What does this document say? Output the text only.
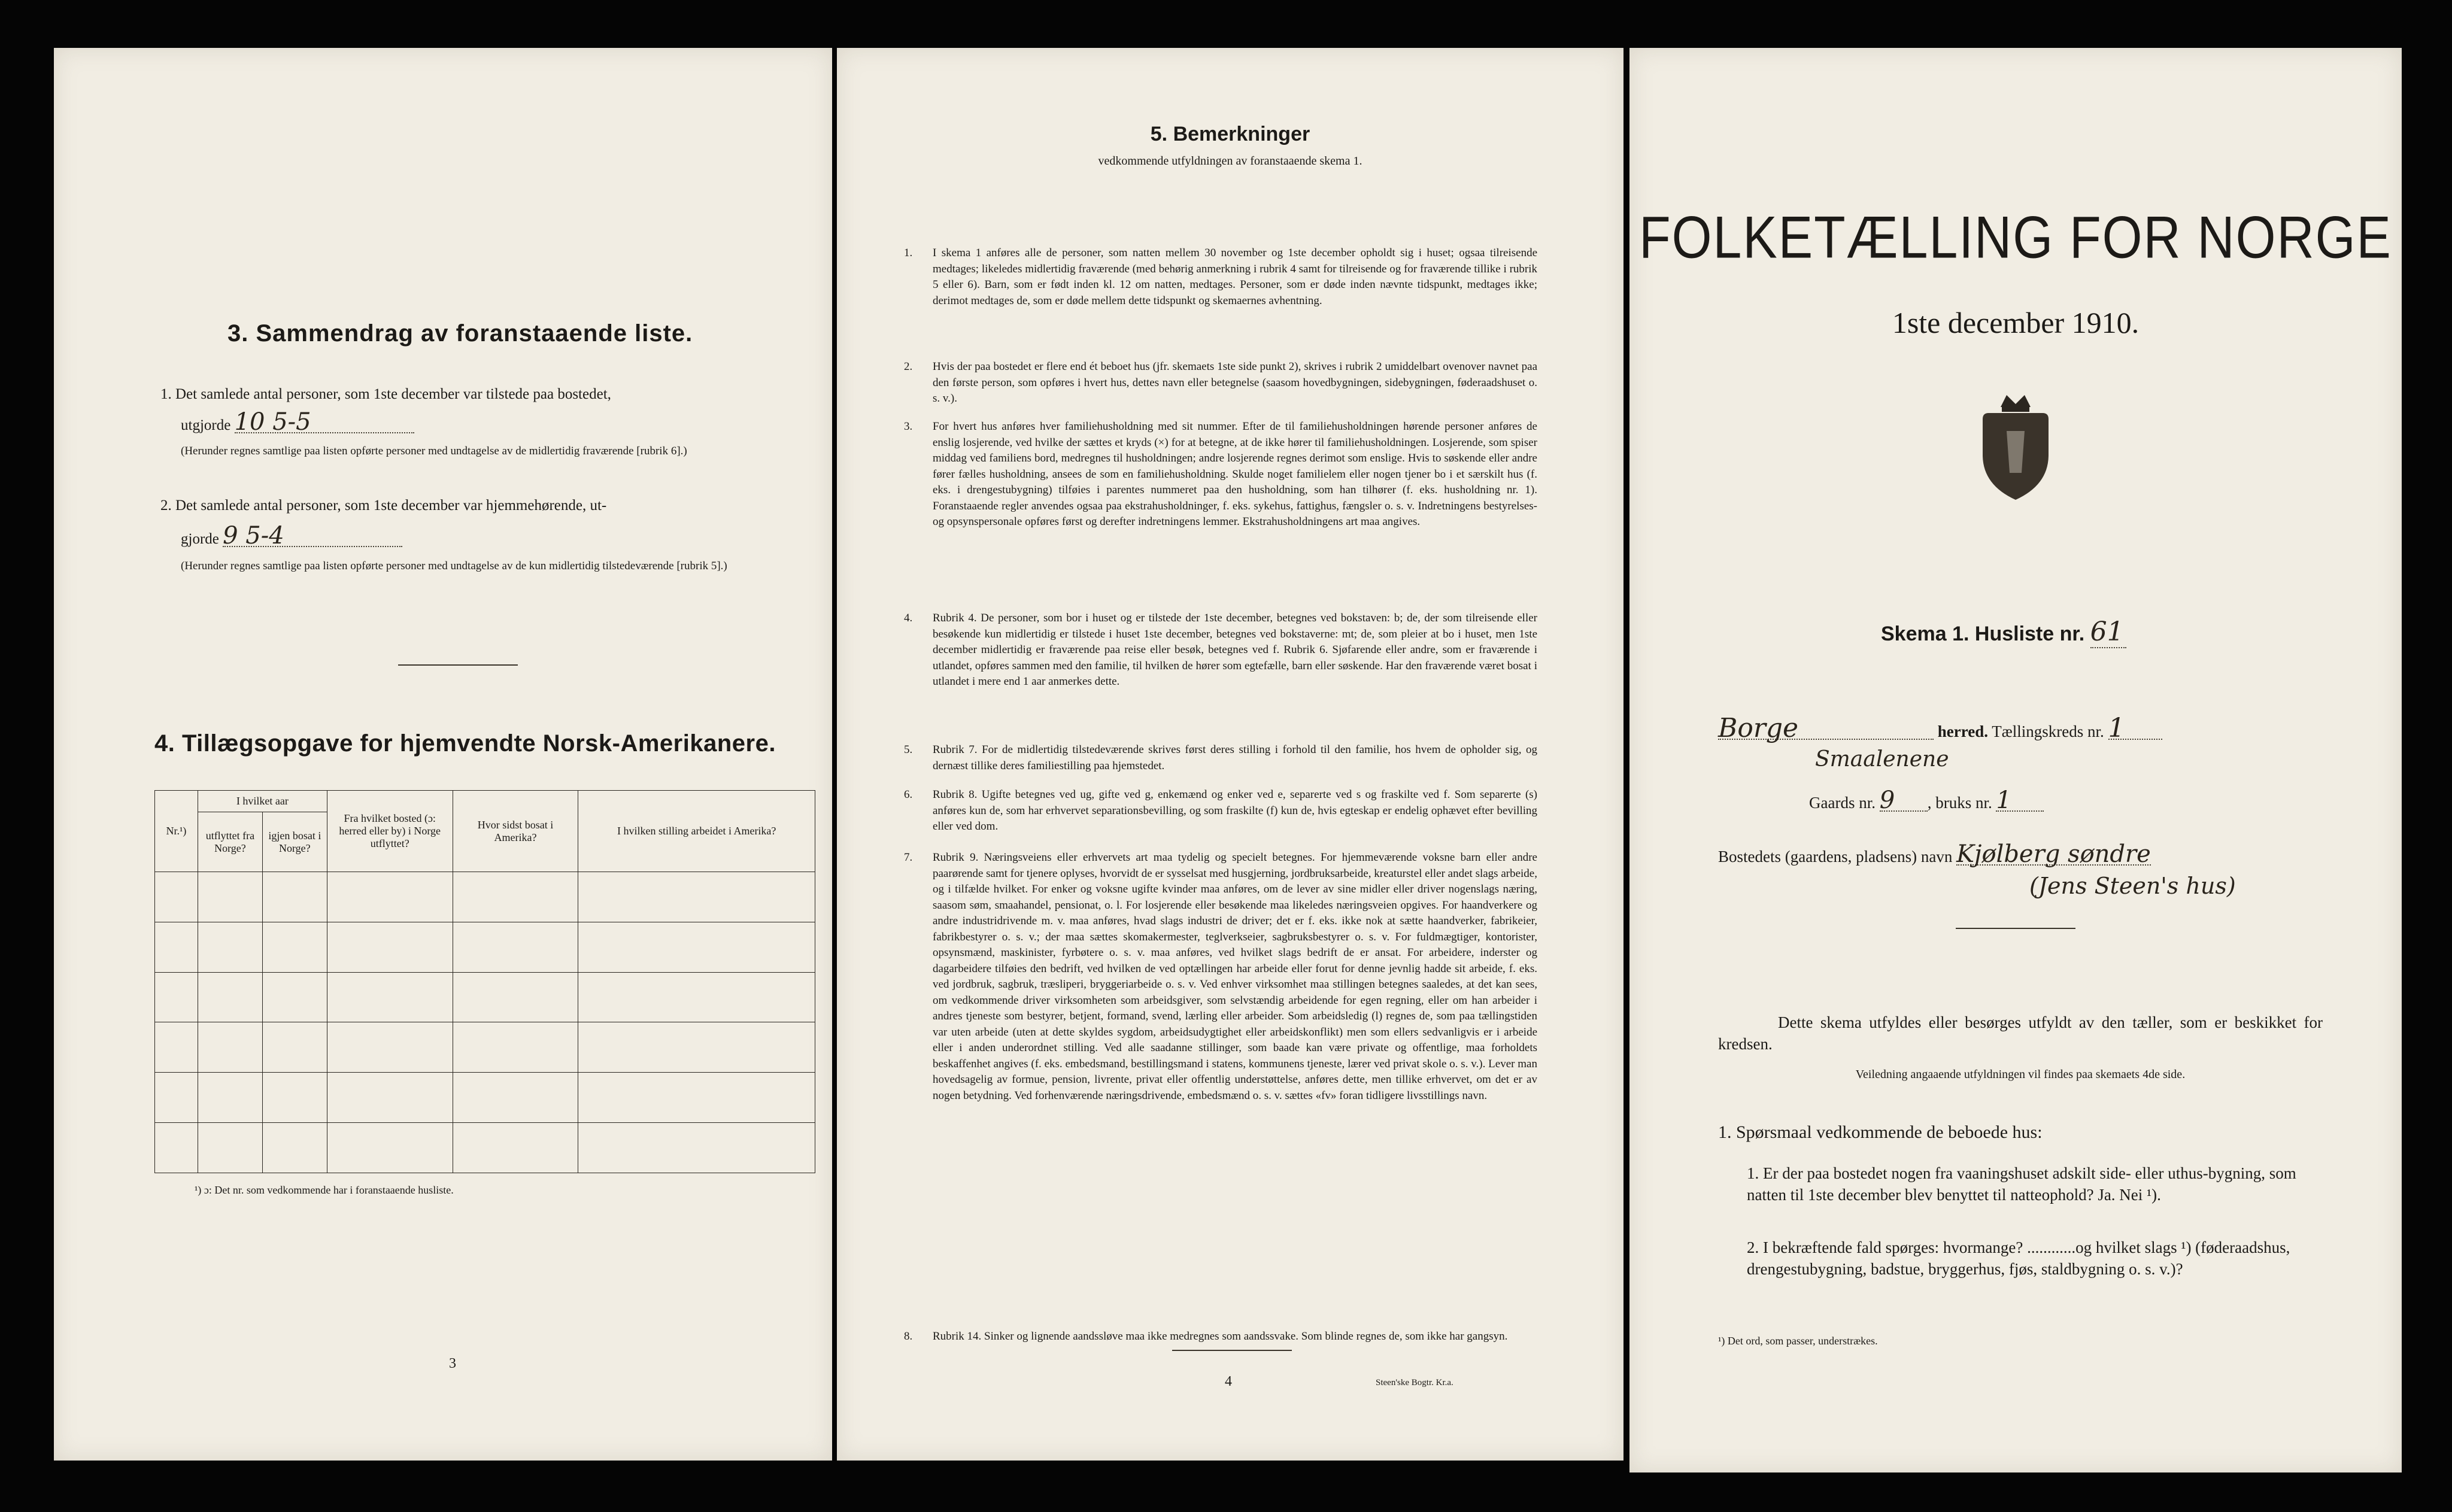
3. Sammendrag av foranstaaende liste.
1. Det samlede antal personer, som 1ste december var tilstede paa bostedet,
utgjorde 10 5-5
(Herunder regnes samtlige paa listen opførte personer med undtagelse av de midlertidig fraværende [rubrik 6].)
2. Det samlede antal personer, som 1ste december var hjemmehørende, ut-
gjorde 9 5-4
(Herunder regnes samtlige paa listen opførte personer med undtagelse av de kun midlertidig tilstedeværende [rubrik 5].)
4. Tillægsopgave for hjemvendte Norsk-Amerikanere.
Nr.¹)	I hvilket aar		Fra hvilket bosted (ɔ: herred eller by) i Norge utflyttet?	Hvor sidst bosat i Amerika?	I hvilken stilling arbeidet i Amerika?
	utflyttet fra Norge?	igjen bosat i Norge?			

¹) ɔ: Det nr. som vedkommende har i foranstaaende husliste.
3
5. Bemerkninger
vedkommende utfyldningen av foranstaaende skema 1.
1. I skema 1 anføres alle de personer, som natten mellem 30 november og 1ste december opholdt sig i huset; ogsaa tilreisende medtages; likeledes midlertidig fraværende (med behørig anmerkning i rubrik 4 samt for tilreisende og for fraværende tillike i rubrik 5 eller 6). Barn, som er født inden kl. 12 om natten, medtages. Personer, som er døde inden nævnte tidspunkt, medtages ikke; derimot medtages de, som er døde mellem dette tidspunkt og skemaernes avhentning.
2. Hvis der paa bostedet er flere end ét beboet hus (jfr. skemaets 1ste side punkt 2), skrives i rubrik 2 umiddelbart ovenover navnet paa den første person, som opføres i hvert hus, dettes navn eller betegnelse (saasom hovedbygningen, sidebygningen, føderaadshuset o. s. v.).
3. For hvert hus anføres hver familiehusholdning med sit nummer. Efter de til familiehusholdningen hørende personer anføres de enslig losjerende, ved hvilke der sættes et kryds (×) for at betegne, at de ikke hører til familiehusholdningen. Losjerende, som spiser middag ved familiens bord, medregnes til husholdningen; andre losjerende regnes derimot som enslige. Hvis to søskende eller andre fører fælles husholdning, ansees de som en familiehusholdning. Skulde noget familielem eller nogen tjener bo i et særskilt hus (f. eks. i drengestubygning) tilføies i parentes nummeret paa den husholdning, som han tilhører (f. eks. husholdning nr. 1). Foranstaaende regler anvendes ogsaa paa ekstrahusholdninger, f. eks. sykehus, fattighus, fængsler o. s. v. Indretningens bestyrelses- og opsynspersonale opføres først og derefter indretningens lemmer. Ekstrahusholdningens art maa angives.
4. Rubrik 4. De personer, som bor i huset og er tilstede der 1ste december, betegnes ved bokstaven: b; de, der som tilreisende eller besøkende kun midlertidig er tilstede i huset 1ste december, betegnes ved bokstaverne: mt; de, som pleier at bo i huset, men 1ste december midlertidig er fraværende paa reise eller besøk, betegnes ved f. Rubrik 6. Sjøfarende eller andre, som er fraværende i utlandet, opføres sammen med den familie, til hvilken de hører som egtefælle, barn eller søskende. Har den fraværende været bosat i utlandet i mere end 1 aar anmerkes dette.
5. Rubrik 7. For de midlertidig tilstedeværende skrives først deres stilling i forhold til den familie, hos hvem de opholder sig, og dernæst tillike deres familiestilling paa hjemstedet.
6. Rubrik 8. Ugifte betegnes ved ug, gifte ved g, enkemænd og enker ved e, separerte ved s og fraskilte ved f. Som separerte (s) anføres kun de, som har erhvervet separationsbevilling, og som fraskilte (f) kun de, hvis egteskap er endelig ophævet efter bevilling eller ved dom.
7. Rubrik 9. Næringsveiens eller erhvervets art maa tydelig og specielt betegnes. For hjemmeværende voksne barn eller andre paarørende samt for tjenere oplyses, hvorvidt de er sysselsat med husgjerning, jordbruksarbeide, kreaturstel eller andet slags arbeide, og i tilfælde hvilket. For enker og voksne ugifte kvinder maa anføres, om de lever av sine midler eller driver nogenslags næring, saasom søm, smaahandel, pensionat, o. l. For losjerende eller besøkende maa likeledes næringsveien opgives. For haandverkere og andre industridrivende m. v. maa anføres, hvad slags industri de driver; det er f. eks. ikke nok at sætte haandverker, fabrikeier, fabrikbestyrer o. s. v.; der maa sættes skomakermester, teglverkseier, sagbruksbestyrer o. s. v. For fuldmægtiger, kontorister, opsynsmænd, maskinister, fyrbøtere o. s. v. maa anføres, ved hvilket slags bedrift de er ansat. For arbeidere, inderster og dagarbeidere tilføies den bedrift, ved hvilken de ved optællingen har arbeide eller forut for denne jevnlig hadde sit arbeide, f. eks. ved jordbruk, sagbruk, træsliperi, bryggeriarbeide o. s. v. Ved enhver virksomhet maa stillingen betegnes saaledes, at det kan sees, om vedkommende driver virksomheten som arbeidsgiver, som selvstændig arbeidende for egen regning, eller om han arbeider i andres tjeneste som bestyrer, betjent, formand, svend, lærling eller arbeider. Som arbeidsledig (l) regnes de, som paa tællingstiden var uten arbeide (uten at dette skyldes sygdom, arbeidsudygtighet eller arbeidskonflikt) men som ellers sedvanligvis er i arbeide eller i anden underordnet stilling. Ved alle saadanne stillinger, som baade kan være private og offentlige, maa forholdets beskaffenhet angives (f. eks. embedsmand, bestillingsmand i statens, kommunens tjeneste, lærer ved privat skole o. s. v.). Lever man hovedsagelig av formue, pension, livrente, privat eller offentlig understøttelse, anføres dette, men tillike erhvervet, om det er av nogen betydning. Ved forhenværende næringsdrivende, embedsmænd o. s. v. sættes «fv» foran tidligere livsstillings navn.
8. Rubrik 14. Sinker og lignende aandssløve maa ikke medregnes som aandssvake. Som blinde regnes de, som ikke har gangsyn.
4	Steen'ske Bogtr. Kr.a.
FOLKETÆLLING FOR NORGE
1ste december 1910.
Skema 1. Husliste nr. 61
Borge	herred. Tællingskreds nr. 1
Smaalenene
Gaards nr. 9 , bruks nr. 1
Bostedets (gaardens, pladsens) navn Kjølberg søndre
(Jens Steen's hus)
Dette skema utfyldes eller besørges utfyldt av den tæller, som er beskikket for kredsen.
Veiledning angaaende utfyldningen vil findes paa skemaets 4de side.
1. Spørsmaal vedkommende de beboede hus:
1. Er der paa bostedet nogen fra vaaningshuset adskilt side- eller uthus-bygning, som natten til 1ste december blev benyttet til natteophold? Ja. Nei ¹).
2. I bekræftende fald spørges: hvormange? ............og hvilket slags ¹) (føderaadshus, drengestubygning, badstue, bryggerhus, fjøs, staldbygning o. s. v.)?
¹) Det ord, som passer, understrækes.
